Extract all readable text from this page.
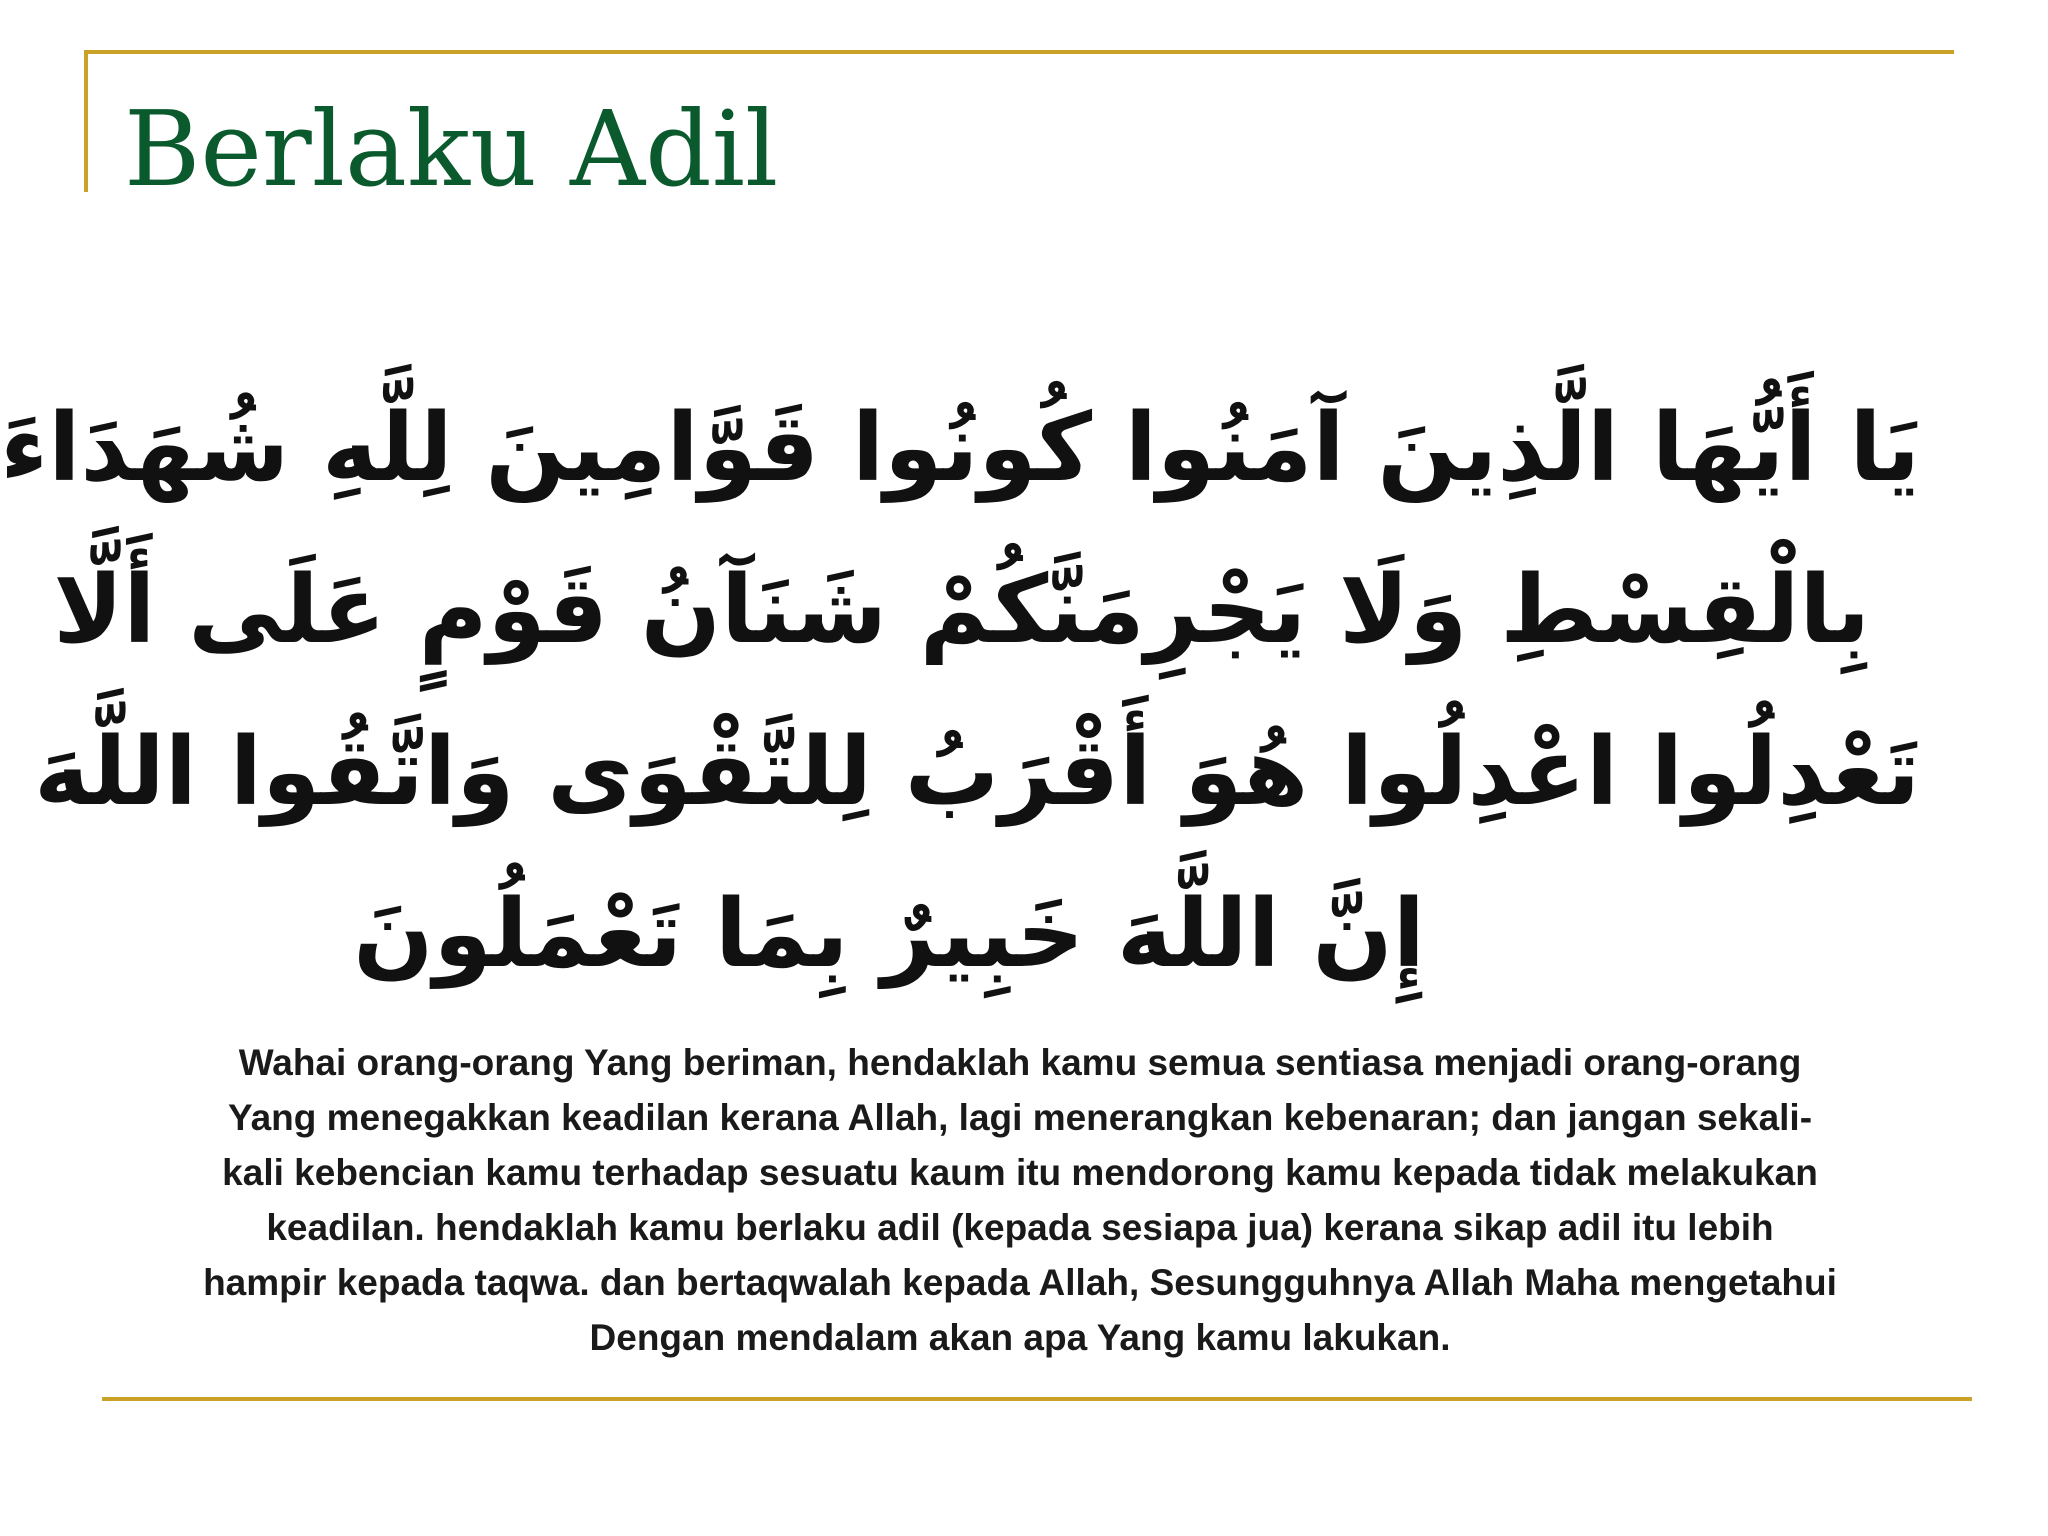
Berlaku Adil
يَا أَيُّهَا الَّذِينَ آمَنُوا كُونُوا قَوَّامِينَ لِلَّهِ شُهَدَاءَ
بِالْقِسْطِ وَلَا يَجْرِمَنَّكُمْ شَنَآنُ قَوْمٍ عَلَى أَلَّا
تَعْدِلُوا اعْدِلُوا هُوَ أَقْرَبُ لِلتَّقْوَى وَاتَّقُوا اللَّهَ
إِنَّ اللَّهَ خَبِيرٌ بِمَا تَعْمَلُونَ

Wahai orang-orang Yang beriman, hendaklah kamu semua sentiasa menjadi orang-orang Yang menegakkan keadilan kerana Allah, lagi menerangkan kebenaran; dan jangan sekali-kali kebencian kamu terhadap sesuatu kaum itu mendorong kamu kepada tidak melakukan keadilan. hendaklah kamu berlaku adil (kepada sesiapa jua) kerana sikap adil itu lebih hampir kepada taqwa. dan bertaqwalah kepada Allah, Sesungguhnya Allah Maha mengetahui Dengan mendalam akan apa Yang kamu lakukan.
